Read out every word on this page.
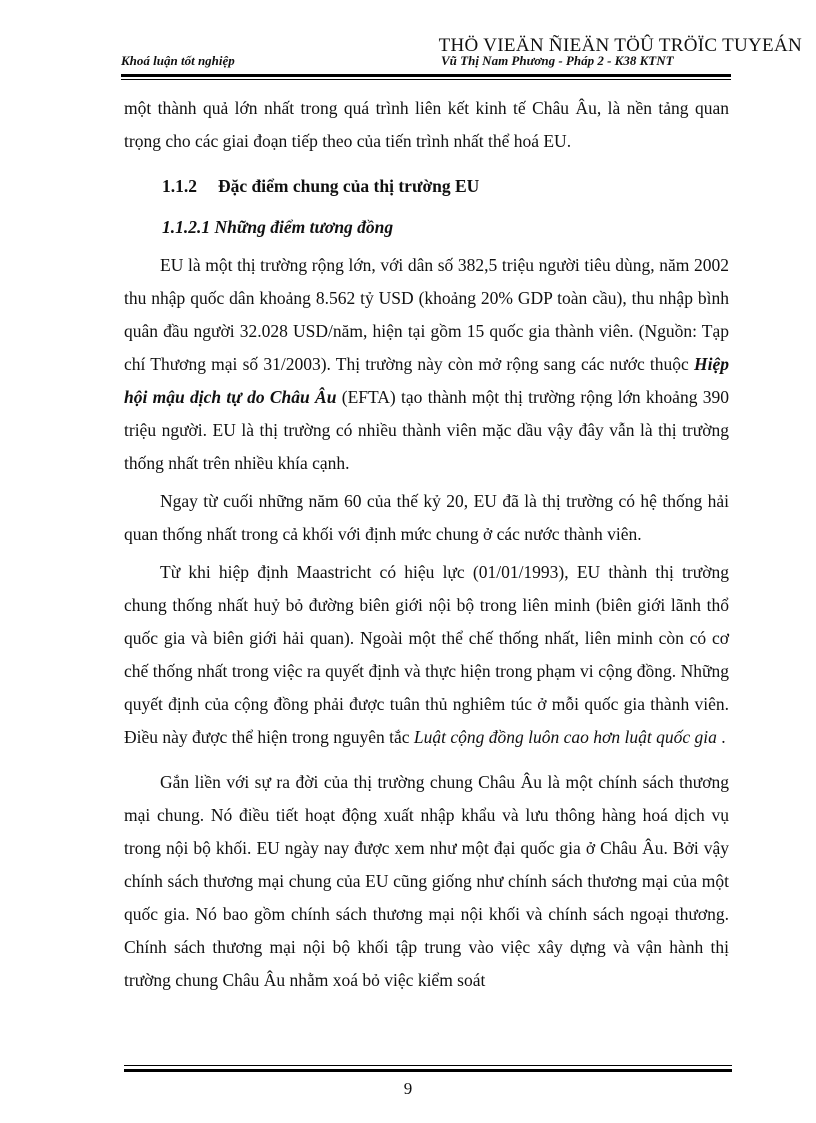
THÖ VIEÄN ÑIEÄN TÖÛ TRÖÏC TUYEÁN
Khoá luận tốt nghiệp	Vũ Thị Nam Phương - Pháp 2 - K38 KTNT

một thành quả lớn nhất trong quá trình liên kết kinh tế Châu Âu, là nền tảng quan trọng cho các giai đoạn tiếp theo của tiến trình nhất thể hoá EU.

1.1.2 Đặc điểm chung của thị trường EU
1.1.2.1 Những điểm tương đồng

EU là một thị trường rộng lớn, với dân số 382,5 triệu người tiêu dùng, năm 2002 thu nhập quốc dân khoảng 8.562 tỷ USD (khoảng 20% GDP toàn cầu), thu nhập bình quân đầu người 32.028 USD/năm, hiện tại gồm 15 quốc gia thành viên. (Nguồn: Tạp chí Thương mại số 31/2003). Thị trường này còn mở rộng sang các nước thuộc Hiệp hội mậu dịch tự do Châu Âu (EFTA) tạo thành một thị trường rộng lớn khoảng 390 triệu người. EU là thị trường có nhiều thành viên mặc dầu vậy đây vẫn là thị trường thống nhất trên nhiều khía cạnh.

Ngay từ cuối những năm 60 của thế kỷ 20, EU đã là thị trường có hệ thống hải quan thống nhất trong cả khối với định mức chung ở các nước thành viên.

Từ khi hiệp định Maastricht có hiệu lực (01/01/1993), EU thành thị trường chung thống nhất huỷ bỏ đường biên giới nội bộ trong liên minh (biên giới lãnh thổ quốc gia và biên giới hải quan). Ngoài một thể chế thống nhất, liên minh còn có cơ chế thống nhất trong việc ra quyết định và thực hiện trong phạm vi cộng đồng. Những quyết định của cộng đồng phải được tuân thủ nghiêm túc ở mỗi quốc gia thành viên. Điều này được thể hiện trong nguyên tắc Luật cộng đồng luôn cao hơn luật quốc gia .

Gắn liền với sự ra đời của thị trường chung Châu Âu là một chính sách thương mại chung. Nó điều tiết hoạt động xuất nhập khẩu và lưu thông hàng hoá dịch vụ trong nội bộ khối. EU ngày nay được xem như một đại quốc gia ở Châu Âu. Bởi vậy chính sách thương mại chung của EU cũng giống như chính sách thương mại của một quốc gia. Nó bao gồm chính sách thương mại nội khối và chính sách ngoại thương. Chính sách thương mại nội bộ khối tập trung vào việc xây dựng và vận hành thị trường chung Châu Âu nhằm xoá bỏ việc kiểm soát

9
